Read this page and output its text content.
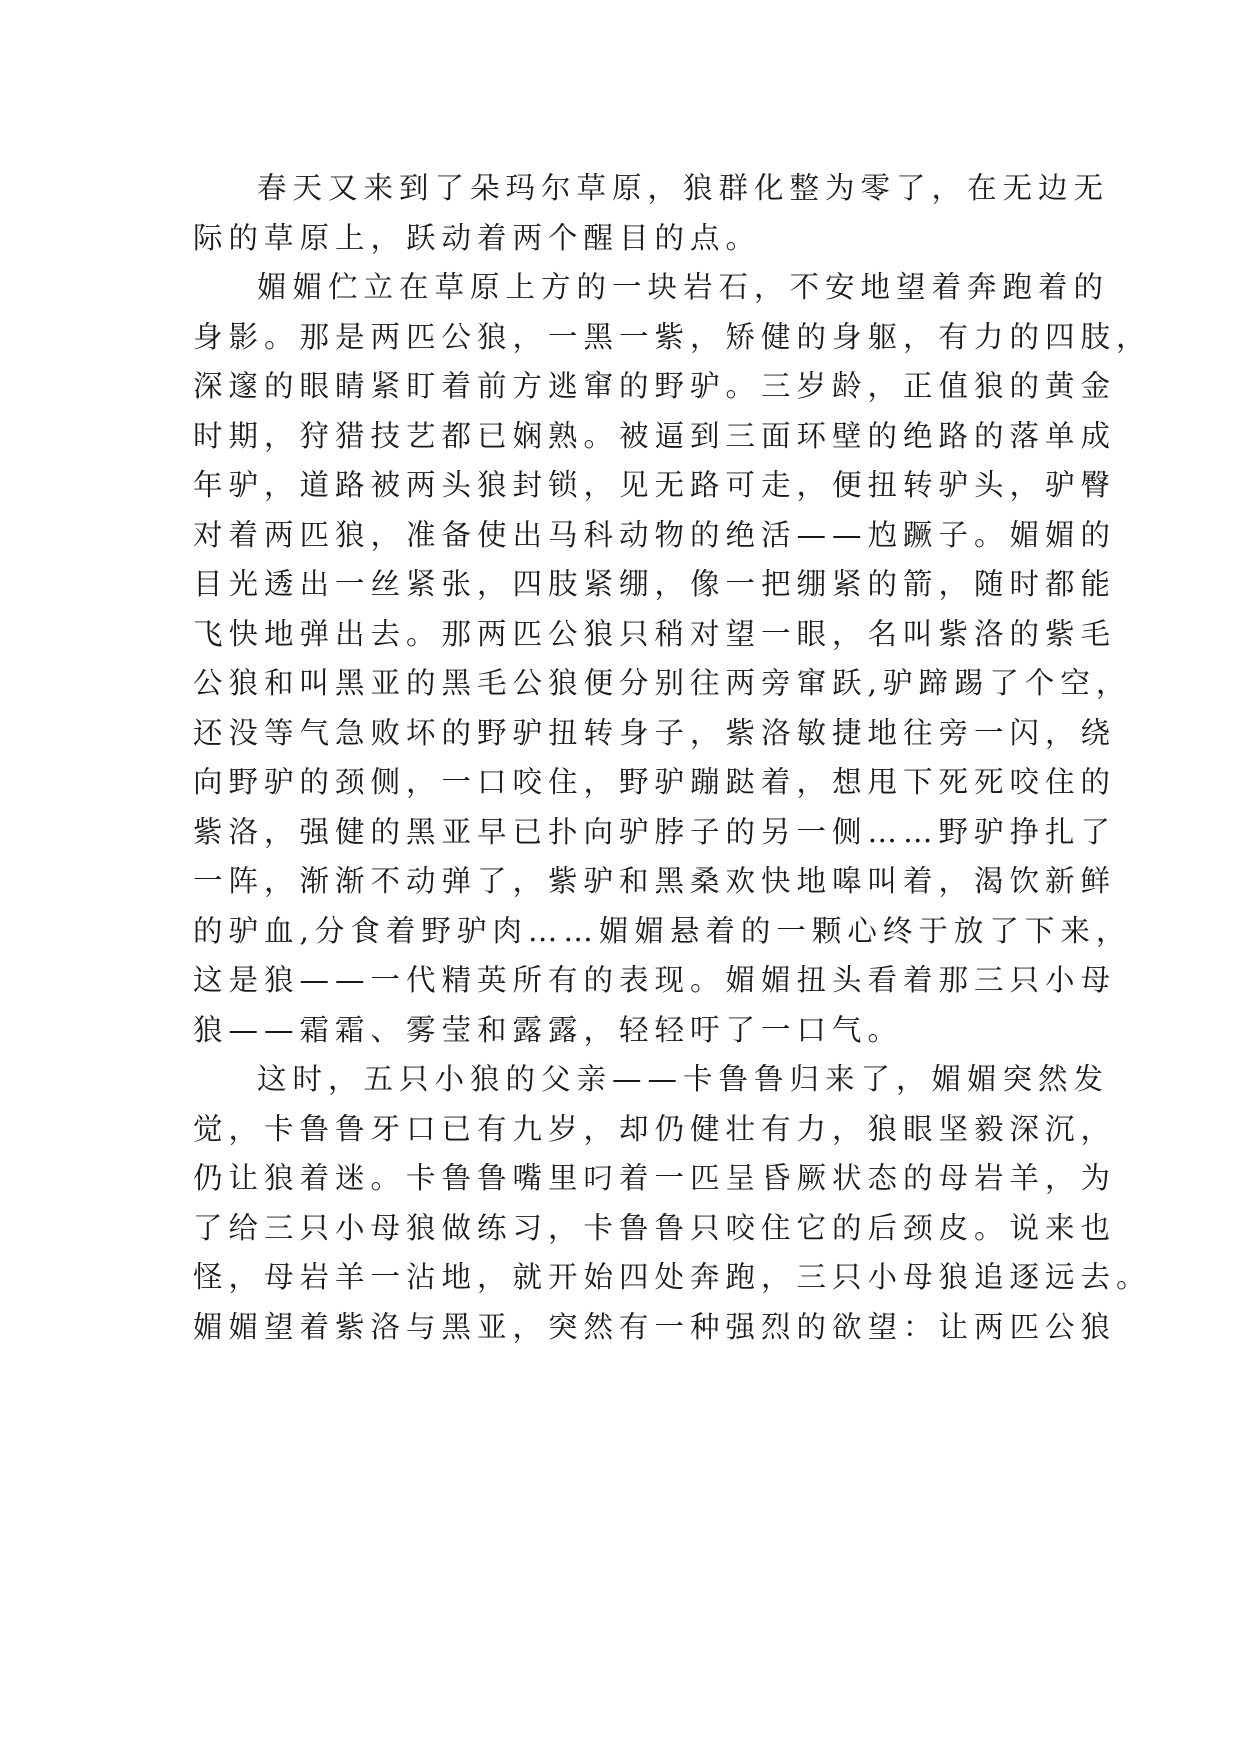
春天又来到了朵玛尔草原，狼群化整为零了，在无边无
际的草原上，跃动着两个醒目的点。
媚媚伫立在草原上方的一块岩石，不安地望着奔跑着的
身影。那是两匹公狼，一黑一紫，矫健的身躯，有力的四肢，
深邃的眼睛紧盯着前方逃窜的野驴。三岁龄，正值狼的黄金
时期，狩猎技艺都已娴熟。被逼到三面环壁的绝路的落单成
年驴，道路被两头狼封锁，见无路可走，便扭转驴头，驴臀
对着两匹狼，准备使出马科动物的绝活——尥蹶子。媚媚的
目光透出一丝紧张，四肢紧绷，像一把绷紧的箭，随时都能
飞快地弹出去。那两匹公狼只稍对望一眼，名叫紫洛的紫毛
公狼和叫黑亚的黑毛公狼便分别往两旁窜跃,驴蹄踢了个空，
还没等气急败坏的野驴扭转身子，紫洛敏捷地往旁一闪，绕
向野驴的颈侧，一口咬住，野驴蹦跶着，想甩下死死咬住的
紫洛，强健的黑亚早已扑向驴脖子的另一侧……野驴挣扎了
一阵，渐渐不动弹了，紫驴和黑桑欢快地嗥叫着，渴饮新鲜
的驴血,分食着野驴肉……媚媚悬着的一颗心终于放了下来，
这是狼——一代精英所有的表现。媚媚扭头看着那三只小母
狼——霜霜、雾莹和露露，轻轻吁了一口气。
这时，五只小狼的父亲——卡鲁鲁归来了，媚媚突然发
觉，卡鲁鲁牙口已有九岁，却仍健壮有力，狼眼坚毅深沉，
仍让狼着迷。卡鲁鲁嘴里叼着一匹呈昏厥状态的母岩羊，为
了给三只小母狼做练习，卡鲁鲁只咬住它的后颈皮。说来也
怪，母岩羊一沾地，就开始四处奔跑，三只小母狼追逐远去。
媚媚望着紫洛与黑亚，突然有一种强烈的欲望：让两匹公狼
